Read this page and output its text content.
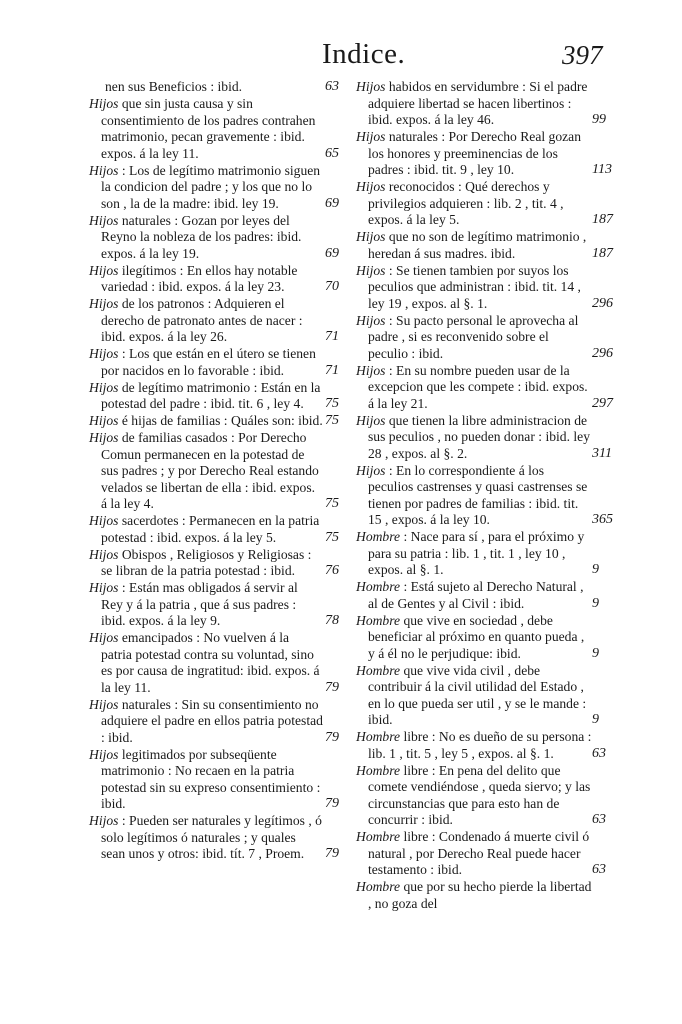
Indice.	397
nen sus Beneficios : ibid.	63
Hijos que sin justa causa y sin consentimiento de los padres contrahen matrimonio, pecan gravemente : ibid. expos. á la ley 11.	65
Hijos : Los de legítimo matrimonio siguen la condicion del padre ; y los que no lo son , la de la madre: ibid. ley 19.	69
Hijos naturales : Gozan por leyes del Reyno la nobleza de los padres: ibid. expos. á la ley 19.	69
Hijos ilegítimos : En ellos hay notable variedad : ibid. expos. á la ley 23.	70
Hijos de los patronos : Adquieren el derecho de patronato antes de nacer : ibid. expos. á la ley 26.	71
Hijos : Los que están en el útero se tienen por nacidos en lo favorable : ibid.	71
Hijos de legítimo matrimonio : Están en la potestad del padre : ibid. tit. 6 , ley 4.	75
Hijos é hijas de familias : Quáles son: ibid. 75
Hijos de familias casados : Por Derecho Comun permanecen en la potestad de sus padres ; y por Derecho Real estando velados se libertan de ella : ibid. expos. á la ley 4.	75
Hijos sacerdotes : Permanecen en la patria potestad : ibid. expos. á la ley 5.	75
Hijos Obispos , Religiosos y Religiosas : se libran de la patria potestad : ibid.	76
Hijos : Están mas obligados á servir al Rey y á la patria , que á sus padres : ibid. expos. á la ley 9.	78
Hijos emancipados : No vuelven á la patria potestad contra su voluntad, sino es por causa de ingratitud: ibid. expos. á la ley 11.	79
Hijos naturales : Sin su consentimiento no adquiere el padre en ellos patria potestad : ibid.	79
Hijos legitimados por subseqüente matrimonio : No recaen en la patria potestad sin su expreso consentimiento : ibid.	79
Hijos : Pueden ser naturales y legítimos , ó solo legítimos ó naturales ; y quales sean unos y otros: ibid. tít. 7 , Proem.	79
Hijos habidos en servidumbre : Si el padre adquiere libertad se hacen libertinos : ibid. expos. á la ley 46.	99
Hijos naturales : Por Derecho Real gozan los honores y preeminencias de los padres : ibid. tit. 9 , ley 10.	113
Hijos reconocidos : Qué derechos y privilegios adquieren : lib. 2 , tit. 4 , expos. á la ley 5.	187
Hijos que no son de legítimo matrimonio , heredan á sus madres. ibid.	187
Hijos : Se tienen tambien por suyos los peculios que administran : ibid. tit. 14 , ley 19 , expos. al §. 1.	296
Hijos : Su pacto personal le aprovecha al padre , si es reconvenido sobre el peculio : ibid.	296
Hijos : En su nombre pueden usar de la excepcion que les compete : ibid. expos. á la ley 21.	297
Hijos que tienen la libre administracion de sus peculios , no pueden donar : ibid. ley 28 , expos. al §. 2.	311
Hijos : En lo correspondiente á los peculios castrenses y quasi castrenses se tienen por padres de familias : ibid. tit. 15 , expos. á la ley 10.	365
Hombre : Nace para sí , para el próximo y para su patria : lib. 1 , tit. 1 , ley 10 , expos. al §. 1.	9
Hombre : Está sujeto al Derecho Natural , al de Gentes y al Civil : ibid.	9
Hombre que vive en sociedad , debe beneficiar al próximo en quanto pueda , y á él no le perjudique: ibid.	9
Hombre que vive vida civil , debe contribuir á la civil utilidad del Estado , en lo que pueda ser util , y se le mande : ibid.	9
Hombre libre : No es dueño de su persona : lib. 1 , tit. 5 , ley 5 , expos. al §. 1.	63
Hombre libre : En pena del delito que comete vendiéndose , queda siervo; y las circunstancias que para esto han de concurrir : ibid.	63
Hombre libre : Condenado á muerte civil ó natural , por Derecho Real puede hacer testamento : ibid.	63
Hombre que por su hecho pierde la libertad , no goza del
